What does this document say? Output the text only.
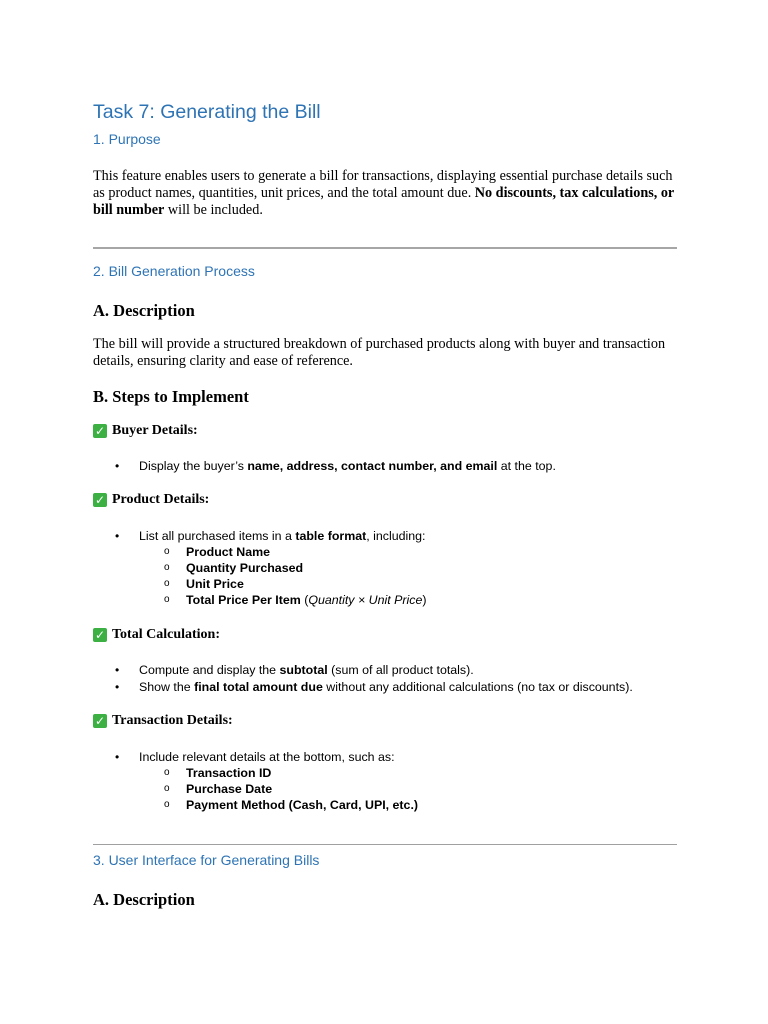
Task 7: Generating the Bill
1. Purpose
This feature enables users to generate a bill for transactions, displaying essential purchase details such as product names, quantities, unit prices, and the total amount due. No discounts, tax calculations, or bill number will be included.
2. Bill Generation Process
A. Description
The bill will provide a structured breakdown of purchased products along with buyer and transaction details, ensuring clarity and ease of reference.
B. Steps to Implement
✓ Buyer Details:
• Display the buyer’s name, address, contact number, and email at the top.
✓ Product Details:
• List all purchased items in a table format, including:
o Product Name
o Quantity Purchased
o Unit Price
o Total Price Per Item (Quantity × Unit Price)
✓ Total Calculation:
• Compute and display the subtotal (sum of all product totals).
• Show the final total amount due without any additional calculations (no tax or discounts).
✓ Transaction Details:
• Include relevant details at the bottom, such as:
o Transaction ID
o Purchase Date
o Payment Method (Cash, Card, UPI, etc.)
3. User Interface for Generating Bills
A. Description
